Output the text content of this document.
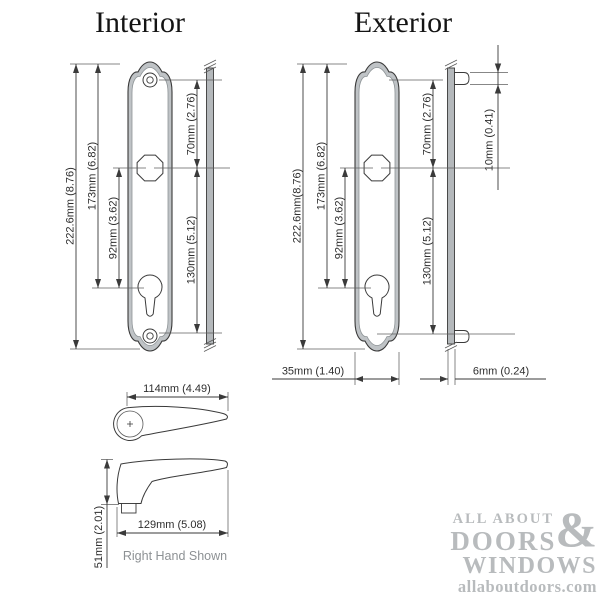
Interior	Exterior
222.6mm (8.76) 173mm (6.82)
92mm (3.62)
70mm (2.76)
130mm (5.12)
222.6mm(8.76) 173mm (6.82)
92mm (3.62)
70mm (2.76)
130mm (5.12)
10mm (0.41)
35mm (1.40)	6mm (0.24)
114mm (4.49)
129mm (5.08)
51mm (2.01) Right Hand Shown
ALL ABOUT
DOORS &
WINDOWS
allaboutdoors.com
